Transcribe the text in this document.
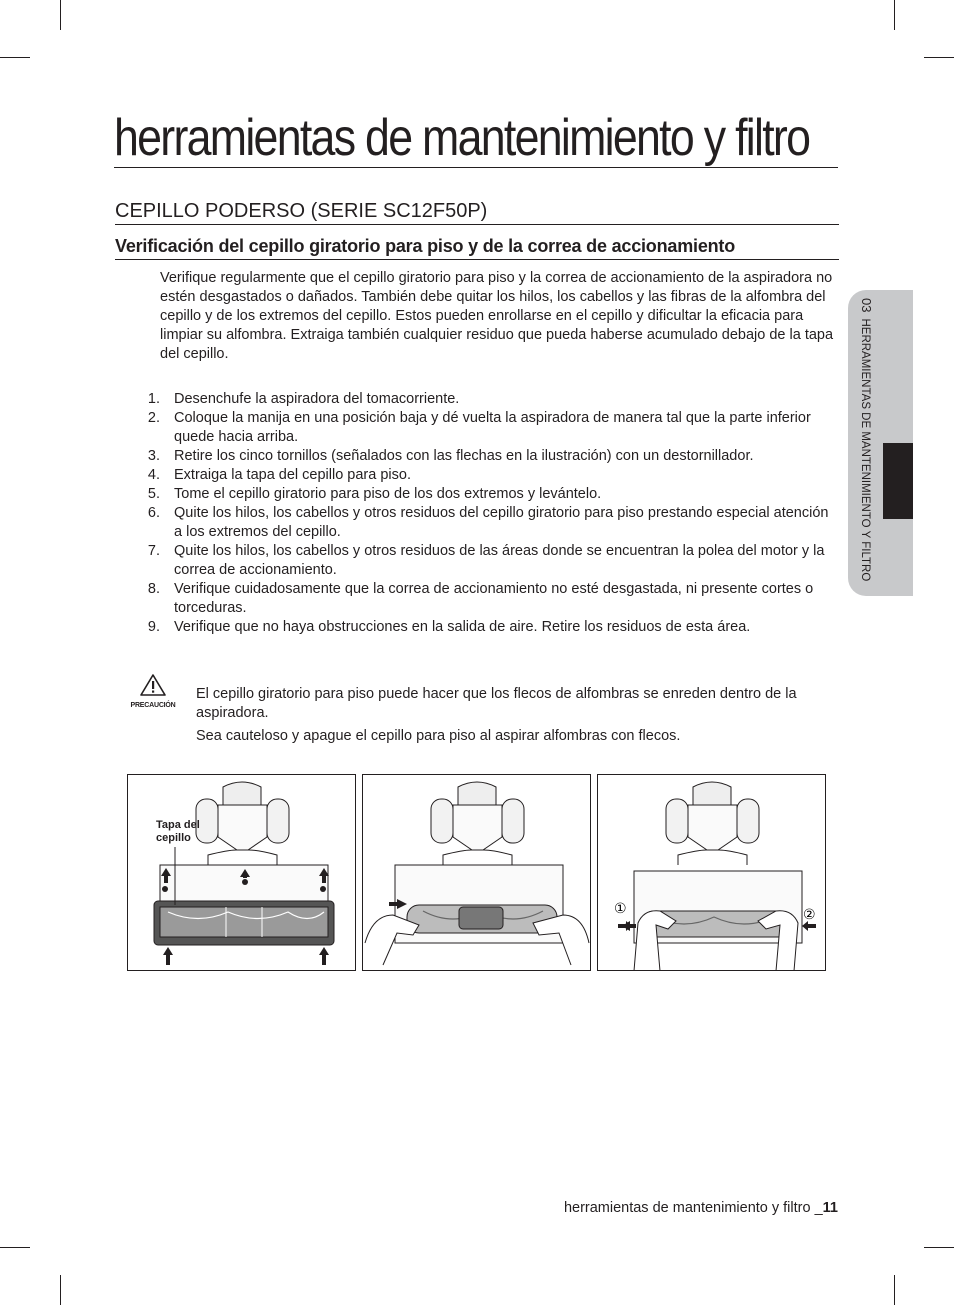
herramientas de mantenimiento y filtro
CEPILLO PODERSO (SERIE SC12F50P)
Verificación del cepillo giratorio para piso y de la correa de accionamiento

Verifique regularmente que el cepillo giratorio para piso y la correa de accionamiento de la aspiradora no estén desgastados o dañados. También debe quitar los hilos, los cabellos y las fibras de la alfombra del cepillo y de los extremos del cepillo. Estos pueden enrollarse en el cepillo y dificultar la eficacia para limpiar su alfombra. Extraiga también cualquier residuo que pueda haberse acumulado debajo de la tapa del cepillo.

1. Desenchufe la aspiradora del tomacorriente.
2. Coloque la manija en una posición baja y dé vuelta la aspiradora de manera tal que la parte inferior quede hacia arriba.
3. Retire los cinco tornillos (señalados con las flechas en la ilustración) con un destornillador.
4. Extraiga la tapa del cepillo para piso.
5. Tome el cepillo giratorio para piso de los dos extremos y levántelo.
6. Quite los hilos, los cabellos y otros residuos del cepillo giratorio para piso prestando especial atención a los extremos del cepillo.
7. Quite los hilos, los cabellos y otros residuos de las áreas donde se encuentran la polea del motor y la correa de accionamiento.
8. Verifique cuidadosamente que la correa de accionamiento no esté desgastada, ni presente cortes o torceduras.
9. Verifique que no haya obstrucciones en la salida de aire. Retire los residuos de esta área.
PRECAUCIÓN

El cepillo giratorio para piso puede hacer que los flecos de alfombras se enreden dentro de la aspiradora.

Sea cauteloso y apague el cepillo para piso al aspirar alfombras con flecos.

Tapa del
cepillo
①	②
03HERRAMIENTAS DE MANTENIMIENTO Y FILTRO
herramientas de mantenimiento y filtro _11
